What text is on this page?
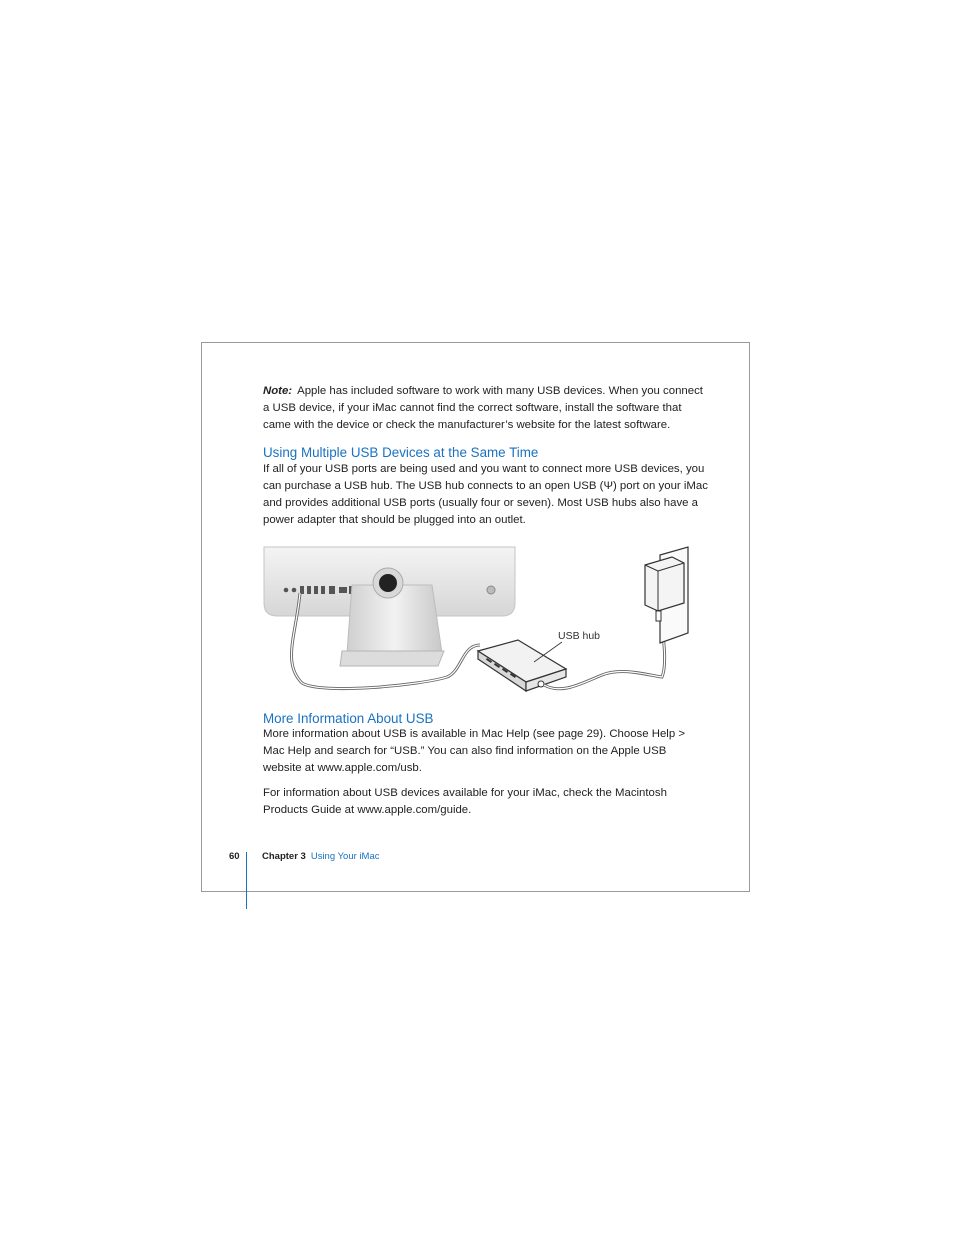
Note: Apple has included software to work with many USB devices. When you connect a USB device, if your iMac cannot find the correct software, install the software that came with the device or check the manufacturer’s website for the latest software.
Using Multiple USB Devices at the Same Time

If all of your USB ports are being used and you want to connect more USB devices, you can purchase a USB hub. The USB hub connects to an open USB (Ψ) port on your iMac and provides additional USB ports (usually four or seven). Most USB hubs also have a power adapter that should be plugged into an outlet.

USB hub
More Information About USB

More information about USB is available in Mac Help (see page 29). Choose Help > Mac Help and search for “USB.” You can also find information on the Apple USB website at www.apple.com/usb.

For information about USB devices available for your iMac, check the Macintosh Products Guide at www.apple.com/guide.

60 Chapter 3 Using Your iMac
